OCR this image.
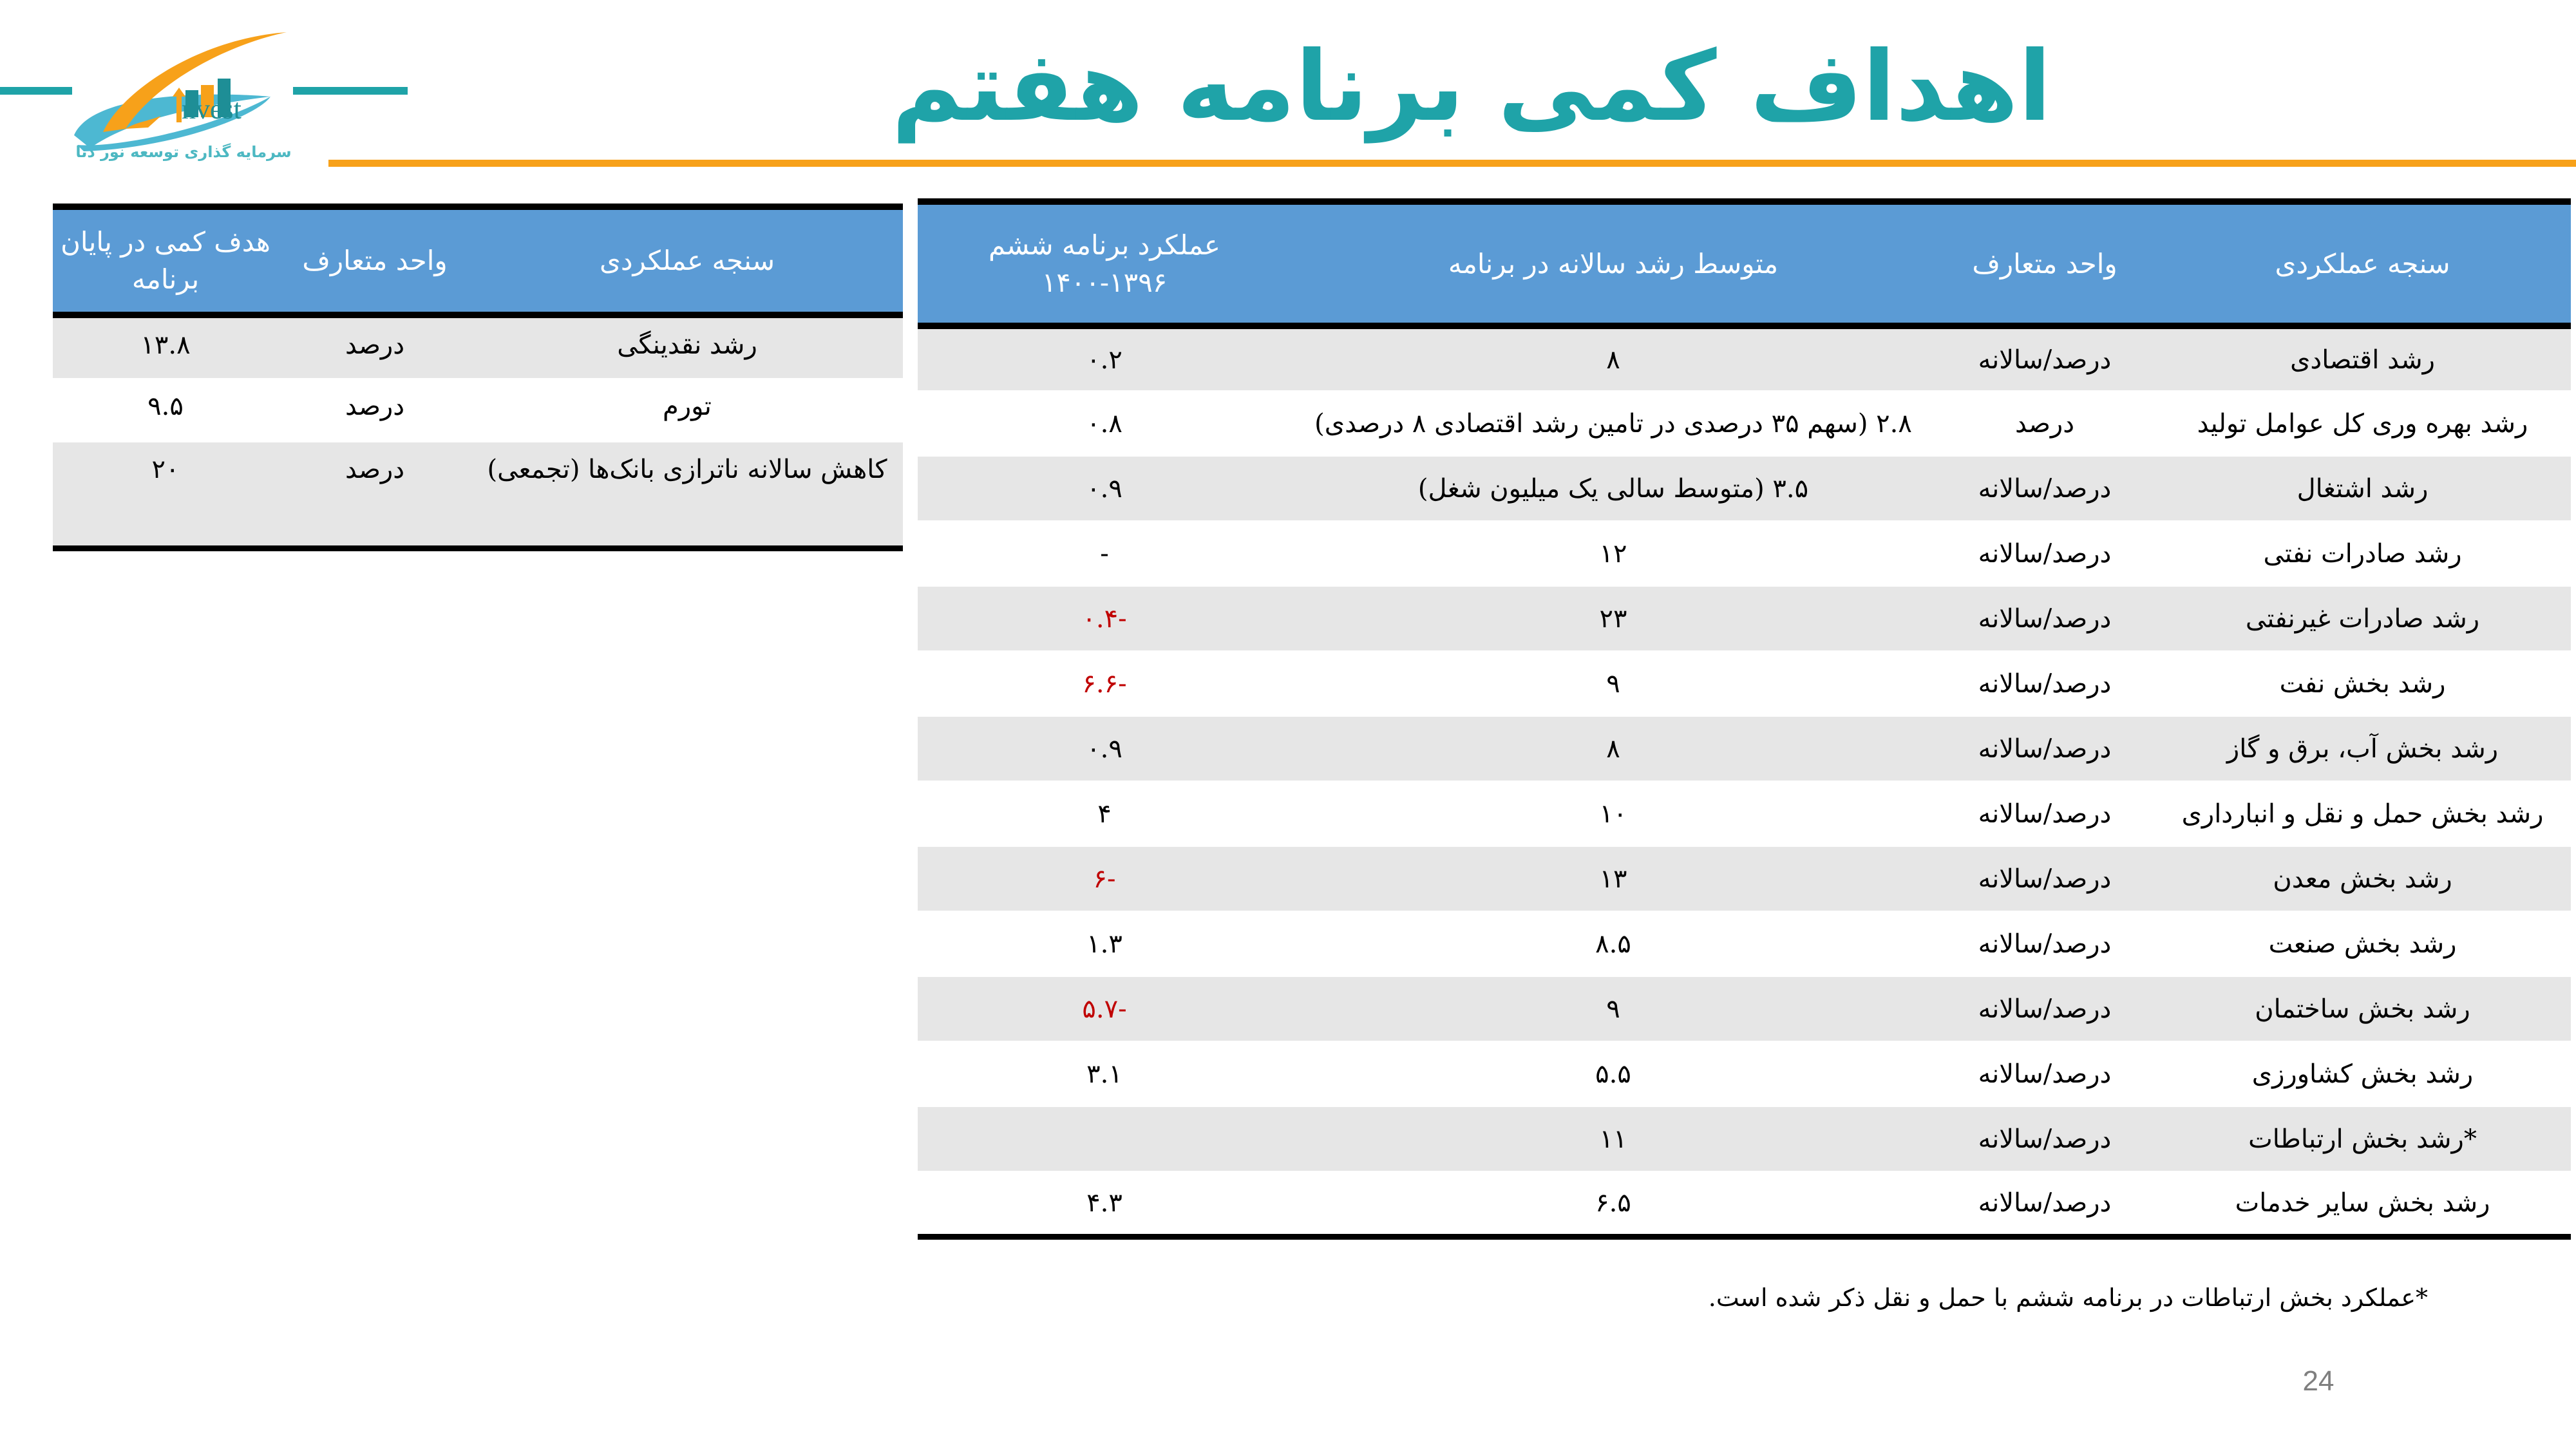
nvest
سرمایه گذاری توسعه نور دنا
اهداف کمی برنامه هفتم
سنجه عملکردی	واحد متعارف	هدف کمی در پایان برنامه
رشد نقدینگی	درصد	۱۳.۸
تورم	درصد	۹.۵
کاهش سالانه ناترازی بانک‌ها (تجمعی)	درصد	۲۰
سنجه عملکردی	واحد متعارف	متوسط رشد سالانه در برنامه	عملکرد برنامه ششم ۱۳۹۶-۱۴۰۰
رشد اقتصادی	درصد/سالانه	۸	۰.۲
رشد بهره وری کل عوامل تولید	درصد	۲.۸ (سهم ۳۵ درصدی در تامین رشد اقتصادی ۸ درصدی)	۰.۸
رشد اشتغال	درصد/سالانه	۳.۵ (متوسط سالی یک میلیون شغل)	۰.۹
رشد صادرات نفتی	درصد/سالانه	۱۲	-
رشد صادرات غیرنفتی	درصد/سالانه	۲۳	-۰.۴
رشد بخش نفت	درصد/سالانه	۹	-۶.۶
رشد بخش آب، برق و گاز	درصد/سالانه	۸	۰.۹
رشد بخش حمل و نقل و انبارداری	درصد/سالانه	۱۰	۴
رشد بخش معدن	درصد/سالانه	۱۳	-۶
رشد بخش صنعت	درصد/سالانه	۸.۵	۱.۳
رشد بخش ساختمان	درصد/سالانه	۹	-۵.۷
رشد بخش کشاورزی	درصد/سالانه	۵.۵	۳.۱
*رشد بخش ارتباطات	درصد/سالانه	۱۱	
رشد بخش سایر خدمات	درصد/سالانه	۶.۵	۴.۳
*عملکرد بخش ارتباطات در برنامه ششم با حمل و نقل ذکر شده است.
24
